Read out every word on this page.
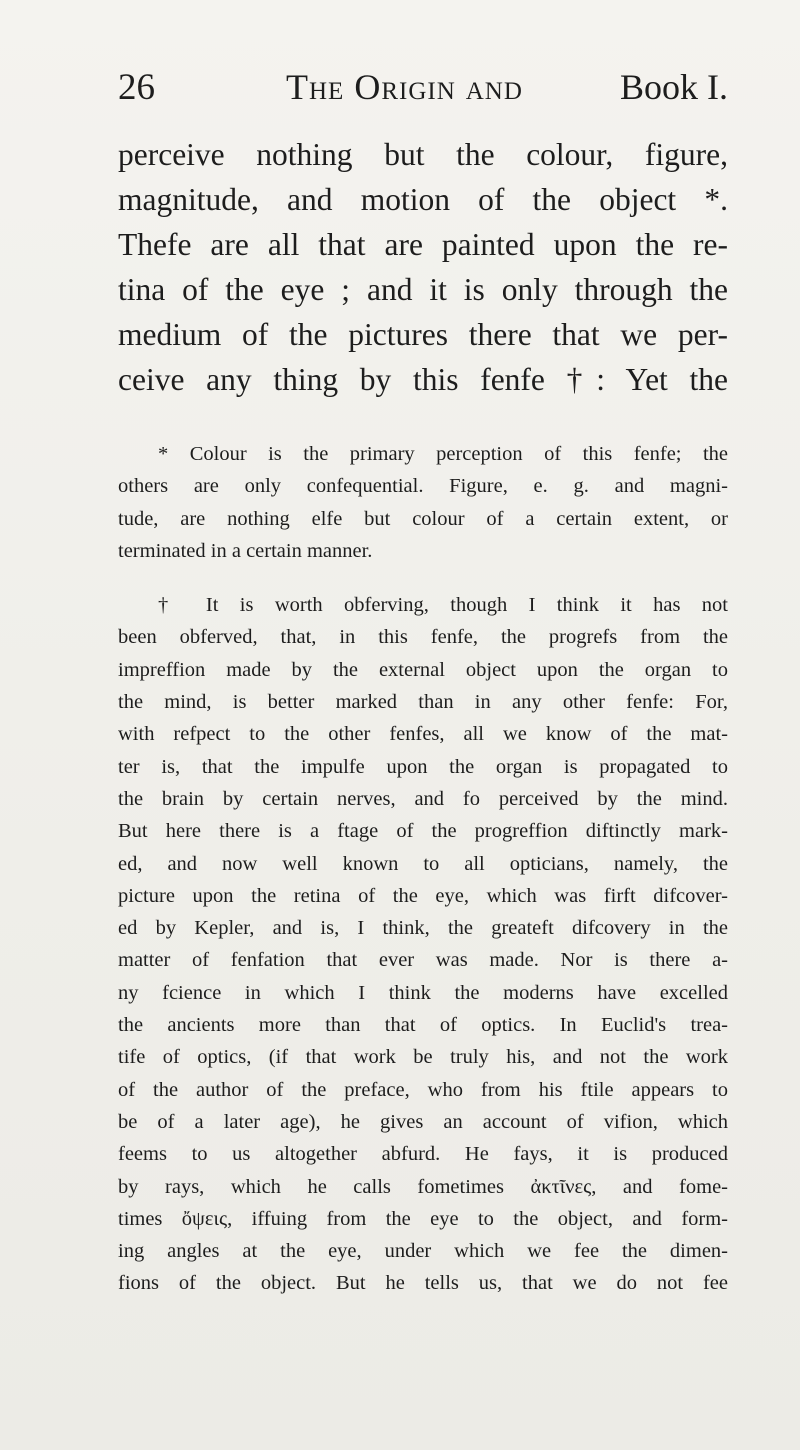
26	The Origin and	Book I.
perceive nothing but the colour, figure,
magnitude, and motion of the object *.
Thefe are all that are painted upon the re-
tina of the eye ; and it is only through the
medium of the pictures there that we per-
ceive any thing by this fenfe †: Yet the
* Colour is the primary perception of this fenfe; the
others are only confequential. Figure, e. g. and magni-
tude, are nothing elfe but colour of a certain extent, or
terminated in a certain manner.
† It is worth obferving, though I think it has not
been obferved, that, in this fenfe, the progrefs from the
impreffion made by the external object upon the organ to
the mind, is better marked than in any other fenfe: For,
with refpect to the other fenfes, all we know of the mat-
ter is, that the impulfe upon the organ is propagated to
the brain by certain nerves, and fo perceived by the mind.
But here there is a ftage of the progreffion diftinctly mark-
ed, and now well known to all opticians, namely, the
picture upon the retina of the eye, which was firft difcover-
ed by Kepler, and is, I think, the greateft difcovery in the
matter of fenfation that ever was made. Nor is there a-
ny fcience in which I think the moderns have excelled
the ancients more than that of optics. In Euclid's trea-
tife of optics, (if that work be truly his, and not the work
of the author of the preface, who from his ftile appears to
be of a later age), he gives an account of vifion, which
feems to us altogether abfurd. He fays, it is produced
by rays, which he calls fometimes ἀκτῖνες, and fome-
times ὄψεις, iffuing from the eye to the object, and form-
ing angles at the eye, under which we fee the dimen-
fions of the object. But he tells us, that we do not fee
